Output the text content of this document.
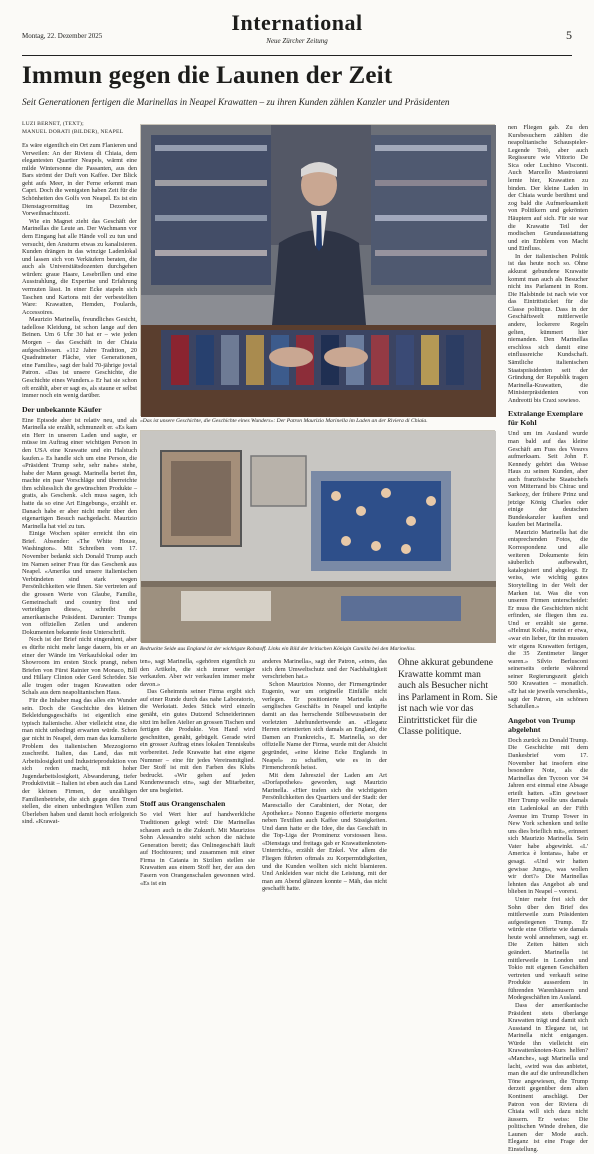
Montag, 22. Dezember 2025
International
Neue Zürcher Zeitung	5
Immun gegen die Launen der Zeit
Seit Generationen fertigen die Marinellas in Neapel Krawatten – zu ihren Kunden zählen Kanzler und Präsidenten
LUZI BERNET, (TEXT);
MANUEL DORATI (BILDER), NEAPEL

Es wäre eigentlich ein Ort zum Flanieren und Verweilen: An der Riviera di Chiaia, dem elegantesten Quartier Neapels, wärmt eine milde Wintersonne die Passanten, aus den Bars strömt der Duft von Kaffee. Der Blick geht aufs Meer, in der Ferne erkennt man Capri. Doch die wenigsten haben Zeit für die Schönheiten des Golfs von Neapel. Es ist ein Dienstagvormittag im Dezember, Vorweihnachtszeit.

Wie ein Magnet zieht das Geschäft der Marinellas die Leute an. Der Wachmann vor dem Eingang hat alle Hände voll zu tun und versucht, den Ansturm etwas zu kanalisieren. Kunden drängen in das winzige Ladenlokal und lassen sich von Verkäufern beraten, die auch als Universitätsdozenten durchgehen würden: graue Haare, Lesebrillen und eine Ausstrahlung, die Expertise und Erfahrung vermuten lässt. In einer Ecke stapeln sich Taschen und Kartons mit der verbestellten Ware: Krawatten, Hemden, Foulards, Accessoires.

Maurizio Marinella, freundliches Gesicht, tadellose Kleidung, ist schon lange auf den Beinen. Um 6 Uhr 30 hat er – wie jeden Morgen – das Geschäft in der Chiaia aufgeschlossen. «112 Jahre Tradition, 20 Quadratmeter Fläche, vier Generationen, eine Familie», sagt der bald 70-jährige jovial Patron. «Das ist unsere Geschichte, die Geschichte eines Wunders.» Er hat sie schon oft erzählt, aber er sagt es, als staune er selbst immer noch ein wenig darüber.

Der unbekannte Käufer

Eine Episode aber ist relativ neu, und als Marinella sie erzählt, schmunzelt er. «Es kam ein Herr in unseren Laden und sagte, er müsse im Auftrag einer wichtigen Person in den USA eine Krawatte und ein Halstuch kaufen.» Es handle sich um eine Person, die «Präsident Trump sehr, sehr nahe» stehe, habe der Mann gesagt. Marinella beriet ihn, machte ein paar Vorschläge und überreichte ihm schliesslich die gewünschten Produkte – gratis, als Geschenk. «Ich muss sagen, ich hatte da so eine Art Eingebung», erzählt er. Danach habe er aber nicht mehr über den eigenartigen Besuch nachgedacht. Maurizio Marinella hat viel zu tun.

Einige Wochen später erreicht ihn ein Brief. Absender: «The White House, Washington». Mit Schreiben vom 17. November bedankt sich Donald Trump auch im Namen seiner Frau für das Geschenk aus Neapel. «Amerika und unsere italienischen Verbündeten sind stark wegen Persönlichkeiten wie Ihnen. Sie vertreten auf die grossen Werte von Glaube, Familie, Gemeinschaft und country first und verteidigen diese», schreibt der amerikanische Präsident. Darunter: Trumps von offiziellen Zeilen und anderen Dokumenten bekannte feste Unterschrift.

Noch ist der Brief nicht eingerahmt, aber es dürfte nicht mehr lange dauern, bis er an einer der Wände im Verkaufslokal oder im Showroom im ersten Stock prangt, neben Briefen von Fürst Rainier von Monaco, Bill und Hillary Clinton oder Gerd Schröder. Sie alle trugen oder tragen Krawatten oder Schals aus dem neapolitanischen Haus.

Für die Inhaber mag das alles ein Wunder sein. Doch die Geschichte des kleinen Bekleidungsgeschäfts ist eigentlich eine typisch italienische. Aber vielleicht eine, die man nicht unbedingt erwarten würde. Schon gar nicht in Neapel, dem man das kumulierte Problem des italienischen Mezzogiorno zuschreibt. Italien, das Land, das mit Arbeitslosigkeit und Industrieproduktion von sich reden macht, mit hoher Jugendarbeitslosigkeit, Abwanderung, tiefer Produktivität – Italien ist eben auch das Land der kleinen Firmen, der unzähligen Familienbetriebe, die sich gegen den Trend stellen, die einen unbedingten Willen zum Überleben haben und damit hoch erfolgreich sind. «Krawat-

«Das ist unsere Geschichte, die Geschichte eines Wunders»: Der Patron Maurizio Marinella im Laden an der Riviera di Chiaia.
Bedruckte Seide aus England ist der wichtigste Rohstoff. Links ein Bild der britischen Königin Camilla bei den Marinellas.

ten», sagt Marinella, «gehören eigentlich zu den Artikeln, die sich immer weniger verkaufen. Aber wir verkaufen immer mehr davon.»

Das Geheimnis seiner Firma ergibt sich auf einer Runde durch das nahe Laboratorio, die Werkstatt. Jedes Stück wird einzeln genäht, ein gutes Dutzend Schneiderinnen sitzt im hellen Atelier an grossen Tischen und fertigen die Produkte. Von Hand wird geschnitten, genäht, gebügelt. Gerade wird ein grosser Auftrag eines lokalen Tenniskubs vorbereitet. Jede Krawatte hat eine eigene Nummer – eine für jedes Vereinsmitglied. Der Stoff ist mit den Farben des Klubs bedruckt. «Wir gehen auf jeden Kundenwunsch ein», sagt der Mitarbeiter, der uns begleitet.

Stoff aus Orangenschalen

So viel Wert hier auf handwerkliche Traditionen gelegt wird: Die Marinellas schauen auch in die Zukunft. Mit Maurizios Sohn Alessandro steht schon die nächste Generation bereit; das Onlinegeschäft läuft auf Hochtouren; und zusammen mit einer Firma in Catania in Sizilien stellen sie Krawatten aus einem Stoff her, der aus den Fasern von Orangenschalen gewonnen wird. «Es ist ein

anderes Marinella», sagt der Patron, «eines, das sich dem Umweltschutz und der Nachhaltigkeit verschrieben hat.»

Schon Maurizios Nonno, der Firmengründer Eugenio, war um originelle Einfälle nicht verlegen. Er positionierte Marinella als «englisches Geschäft» in Neapel und knüpfte damit an das herrschende Stilbewusstsein der vorletzten Jahrhundertwende an. «Eleganz Herren orientierten sich damals an England, die Damen an Frankreich», E. Marinella, so der offizielle Name der Firma, wurde mit der Absicht gegründet, «eine kleine Ecke Englands in Neapel» zu schaffen, wie es in der Firmenchronik heisst.

Mit dem Jahresziel der Laden am Art «Dorfapotheke» geworden, sagt Maurizio Marinella. «Hier trafen sich die wichtigsten Persönlichkeiten des Quartiers und der Stadt: der Maresciallo der Carabinieri, der Notar, der Apotheker.» Nonno Eugenio offerierte morgens neben Textilien auch Kaffee und Süssigkeiten. Und dann hatte er die Idee, die das Geschäft in die Top-Liga der Prominenz vorstossen liess. «Dienstags und freitags gab er Krawattenknoten-Unterricht», erzählt der Enkel. Vor allem die Fliegen führten oftmals zu Korpermüdigkeiten, und die Kunden wollten sich nicht blamieren. Und Ankleiden war nicht die Leistung, mit der man am Abend glänzen konnte – Mäh, das nicht geschafft hatte.

Ohne akkurat gebundene Krawatte kommt man auch als Besucher nicht ins Parlament in Rom. Sie ist nach wie vor das Eintrittsticket für die Classe politique.

nen Fliegen gab. Zu den Kursbesuchern zählten die neapolitanische Schauspieler-Legende Totò, aber auch Regisseure wie Vittorio De Sica oder Luchino Visconti. Auch Marcello Mastroianni lernte hier, Krawatten zu binden. Der kleine Laden in der Chiaia wurde berühmt und zog bald die Aufmerksamkeit von Politikern und gekrönten Häuptern auf sich. Für sie war die Krawatte Teil der modischen Grundausstattung und ein Emblem von Macht und Einfluss.

In der italienischen Politik ist das heute noch so. Ohne akkurat gebundene Krawatte kommt man auch als Besucher nicht ins Parlament in Rom. Die Halsbinde ist nach wie vor das Eintrittsticket für die Classe politique. Dass in der Geschäftswelt mittlerweile andere, lockerere Regeln gelten, kümmert hier niemanden. Den Marinellas erschloss sich damit eine einflussreiche Kundschaft. Sämtliche italienischen Staatspräsidenten seit der Gründung der Republik tragen Marinella-Krawatten, die Ministerpräsidenten von Andreotti bis Craxi sowieso.

Extralange Exemplare für Kohl

Und um im Ausland wurde man bald auf das kleine Geschäft am Fuss des Vesuvs aufmerksam. Seit John F. Kennedy gehört das Weisse Haus zu seinen Kunden, aber auch französische Staatschefs von Mitterrand bis Chirac und Sarkozy, der frühere Prinz und jetzige König Charles oder einige der deutschen Bundeskanzler kauften und kaufen bei Marinella.

Maurizio Marinella hat die entsprechenden Fotos, die Korrespondenz und alle weiteren Dokumente fein säuberlich aufbewahrt, katalogisiert und abgelegt. Er weiss, wie wichtig gutes Storytelling in der Welt der Marken ist. Was die von unseren Firmen unterscheidet: Er muss die Geschichten nicht erfinden, sie fliegen ihm zu. Und er erzählt sie gerne. «Helmut Kohl», meint er etwa, «war ein lieber, für ihn mussten wir eigens Krawatten fertigen, die 35 Zentimeter länger waren.» Silvio Berlusconi seinerseits orderte während seiner Regierungszeit gleich 500 Krawatten – monatlich. «Er hat sie jeweils verschenkt», sagt der Patron, «in schönen Schatullen.»

Angebot von Trump abgelehnt

Doch zurück zu Donald Trump. Die Geschichte mit dem Dankesbrief vom 17. November hat insofern eine besondere Note, als die Marinellas den Tycoon vor 34 Jahren erst einmal eine Absage erteilt hatten. «Ein gewisser Herr Trump wollte uns damals ein Ladenlokal an der Fifth Avenue im Trump Tower in New York schenken und teilte uns dies brieflich mit», erinnert sich Maurizio Marinella. Sein Vater habe abgewinkt. «L' America è lontana», habe er gesagt. «Und wir hatten gewisse Jungs», was wollen wir dort?» Die Marinellas lehnten das Angebot ab und blieben in Neapel – vorerst.

Unter mehr frei sich der Sohn über den Brief des mittlerweile zum Präsidenten aufgestiegenen Trump. Er würde eine Offerte wie damals heute wohl annehmen, sagt er. Die Zeiten hätten sich geändert. Marinella ist mittlerweile in London und Tokio mit eigenen Geschäften vertreten und verkauft seine Produkte ausserdem in führenden Warenhäusern und Modegeschäften im Ausland.

Dass der amerikanische Präsident stets überlange Krawatten trägt und damit sich Ausstand in Eleganz ist, ist Marinella nicht entgangen. Würde ihn vielleicht ein Krawattenknoten-Kurs helfen? «Manche», sagt Marinella und lacht, «wird was das anbietet, man die auf die unfreundlichen Töne angewiesen, die Trump derzeit gegenüber dem alten Kontinent anschlägt. Der Patron von der Riviera di Chiaia will sich dazu nicht äussern. Er weiss: Die politischen Winde drehen, die Launen der Mode auch. Eleganz ist eine Frage der Einstellung.
